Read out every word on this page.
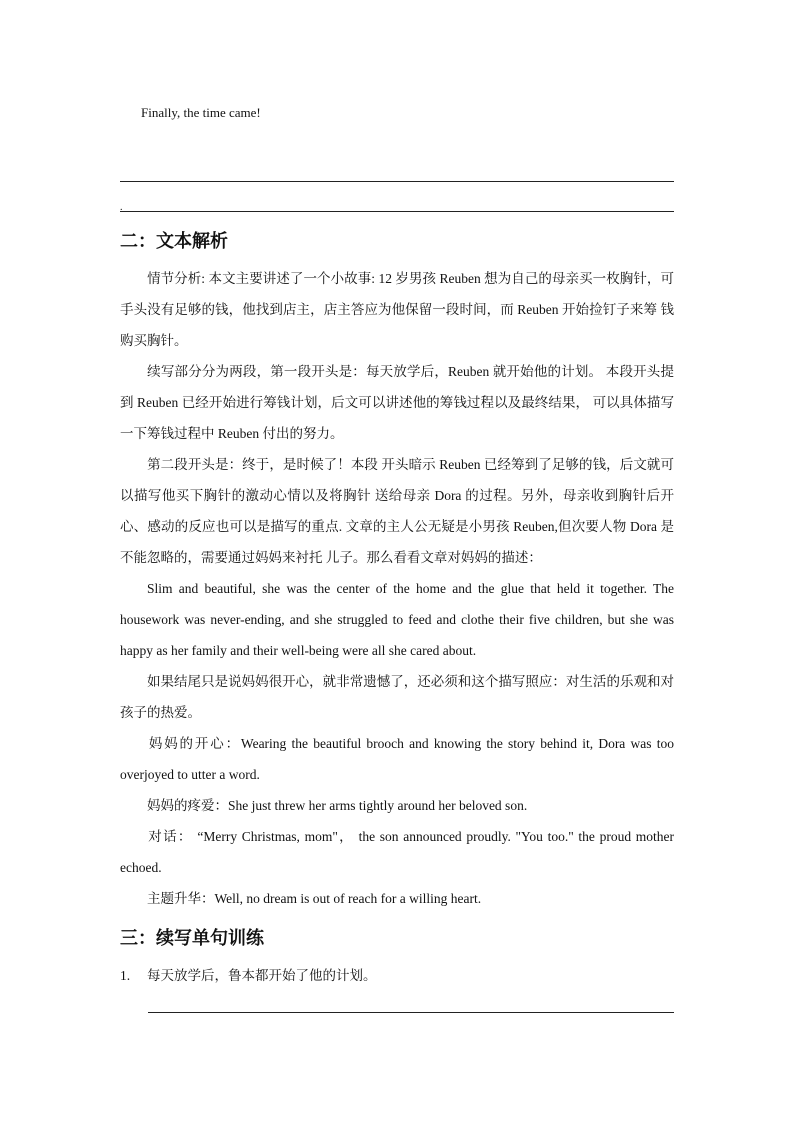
Finally, the time came!
.
二：文本解析
情节分析: 本文主要讲述了一个小故事: 12 岁男孩 Reuben 想为自己的母亲买一枚胸针，可 手头没有足够的钱，他找到店主，店主答应为他保留一段时间，而 Reuben 开始捡钉子来筹 钱购买胸针。
续写部分分为两段，第一段开头是：每天放学后，Reuben 就开始他的计划。 本段开头提到 Reuben 已经开始进行筹钱计划，后文可以讲述他的筹钱过程以及最终结果， 可以具体描写一下筹钱过程中 Reuben 付出的努力。
第二段开头是：终于，是时候了！本段 开头暗示 Reuben 已经筹到了足够的钱，后文就可以描写他买下胸针的激动心情以及将胸针 送给母亲 Dora 的过程。另外，母亲收到胸针后开心、感动的反应也可以是描写的重点. 文章的主人公无疑是小男孩 Reuben,但次要人物 Dora 是不能忽略的，需要通过妈妈来衬托 儿子。那么看看文章对妈妈的描述：
Slim and beautiful, she was the center of the home and the glue that held it together. The housework was never-ending, and she struggled to feed and clothe their five children, but she was happy as her family and their well-being were all she cared about.
如果结尾只是说妈妈很开心，就非常遗憾了，还必须和这个描写照应：对生活的乐观和对孩子的热爱。
妈妈的开心：Wearing the beautiful brooch and knowing the story behind it, Dora was too overjoyed to utter a word.
妈妈的疼爱：She just threw her arms tightly around her beloved son.
对话： “Merry Christmas, mom"， the son announced proudly. "You too." the proud mother echoed.
主题升华：Well, no dream is out of reach for a willing heart.
三：续写单句训练
1. 每天放学后，鲁本都开始了他的计划。
